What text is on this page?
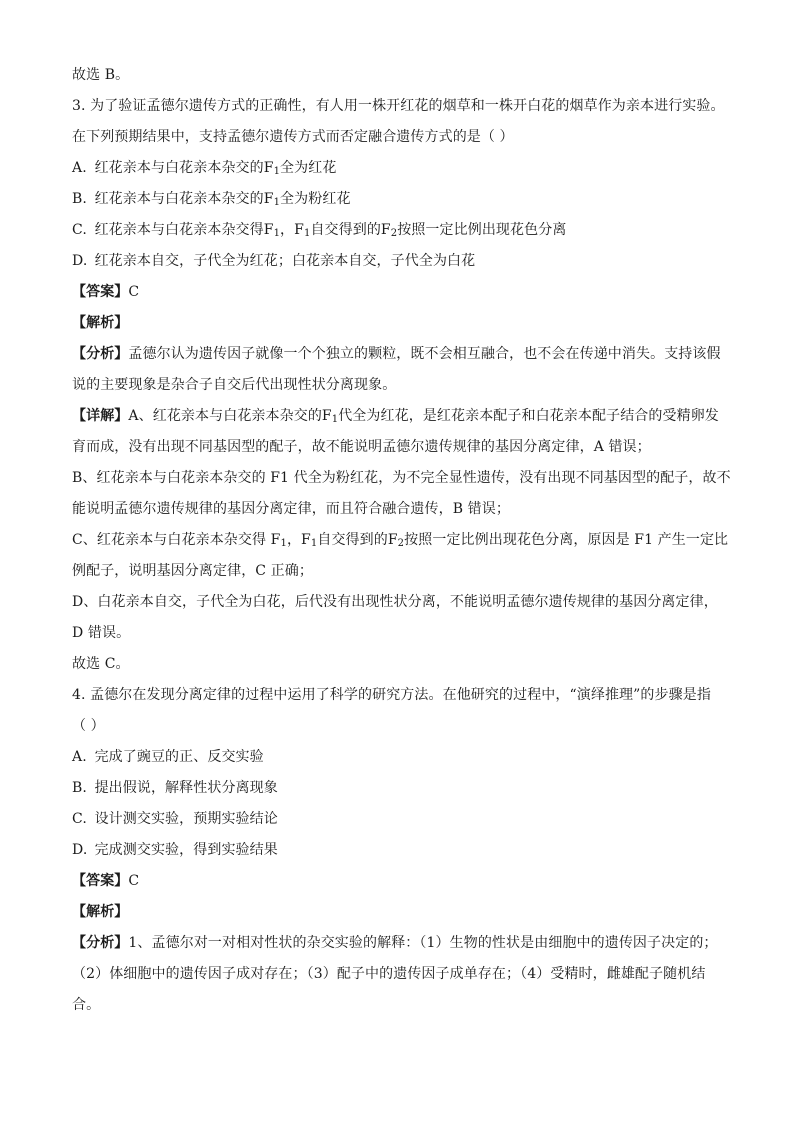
故选 B。
3. 为了验证孟德尔遗传方式的正确性，有人用一株开红花的烟草和一株开白花的烟草作为亲本进行实验。
在下列预期结果中，支持孟德尔遗传方式而否定融合遗传方式的是（ ）
A. 红花亲本与白花亲本杂交的$F_1$全为红花
B. 红花亲本与白花亲本杂交的$F_1$全为粉红花
C. 红花亲本与白花亲本杂交得$F_1$，$F_1$自交得到的$F_2$按照一定比例出现花色分离
D. 红花亲本自交，子代全为红花；白花亲本自交，子代全为白花
【答案】C
【解析】
【分析】孟德尔认为遗传因子就像一个个独立的颗粒，既不会相互融合，也不会在传递中消失。支持该假
说的主要现象是杂合子自交后代出现性状分离现象。
【详解】A、红花亲本与白花亲本杂交的$F_1$代全为红花，是红花亲本配子和白花亲本配子结合的受精卵发
育而成，没有出现不同基因型的配子，故不能说明孟德尔遗传规律的基因分离定律，A 错误；
B、红花亲本与白花亲本杂交的 F1 代全为粉红花，为不完全显性遗传，没有出现不同基因型的配子，故不
能说明孟德尔遗传规律的基因分离定律，而且符合融合遗传，B 错误；
C、红花亲本与白花亲本杂交得 $F_1$，$F_1$自交得到的$F_2$按照一定比例出现花色分离，原因是 F1 产生一定比
例配子，说明基因分离定律，C 正确；
D、白花亲本自交，子代全为白花，后代没有出现性状分离，不能说明孟德尔遗传规律的基因分离定律，
D 错误。
故选 C。
4. 孟德尔在发现分离定律的过程中运用了科学的研究方法。在他研究的过程中，“演绎推理”的步骤是指
（ ）
A. 完成了豌豆的正、反交实验
B. 提出假说，解释性状分离现象
C. 设计测交实验，预期实验结论
D. 完成测交实验，得到实验结果
【答案】C
【解析】
【分析】1、孟德尔对一对相对性状的杂交实验的解释：（1）生物的性状是由细胞中的遗传因子决定的；
（2）体细胞中的遗传因子成对存在；（3）配子中的遗传因子成单存在；（4）受精时，雌雄配子随机结
合。
